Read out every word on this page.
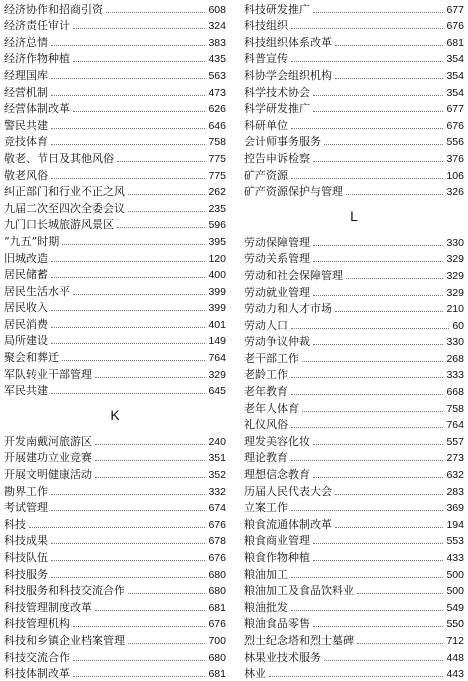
经济协作和招商引资	608
经济责任审计	324
经济总情	383
经济作物种植	435
经理国库	563
经营机制	473
经营体制改革	626
警民共建	646
竞技体育	758
敬老、节日及其他风俗	775
敬老风俗	775
纠正部门和行业不正之风	262
九届二次至四次全委会议	235
九门口长城旅游风景区	596
“九五”时期	395
旧城改造	120
居民储蓄	400
居民生活水平	399
居民收入	399
居民消费	401
局所建设	149
聚会和葬迁	764
军队转业干部管理	329
军民共建	645
K
开发南戴河旅游区	240
开展建功立业竞赛	351
开展文明健康活动	352
勘界工作	332
考试管理	674
科技	676
科技成果	678
科技队伍	676
科技服务	680
科技服务和科技交流合作	680
科技管理制度改革	681
科技管理机构	676
科技和乡镇企业档案管理	700
科技交流合作	680
科技体制改革	681
科技研发推广	677
科技组织	676
科技组织体系改革	681
科普宣传	354
科协学会组织机构	354
科学技术协会	354
科学研发推广	677
科研单位	676
会计师事务服务	556
控告申诉检察	376
矿产资源	106
矿产资源保护与管理	326
L
劳动保障管理	330
劳动关系管理	329
劳动和社会保障管理	329
劳动就业管理	329
劳动力和人才市场	210
劳动人口	60
劳动争议仲裁	330
老干部工作	268
老龄工作	333
老年教育	668
老年人体育	758
礼仪风俗	764
理发美容化妆	557
理论教育	273
理想信念教育	632
历届人民代表大会	283
立案工作	369
粮食流通体制改革	194
粮食商业管理	553
粮食作物种植	433
粮油加工	500
粮油加工及食品饮料业	500
粮油批发	549
粮油食品零售	550
烈士纪念塔和烈士墓碑	712
林果业技术服务	448
林业	443
